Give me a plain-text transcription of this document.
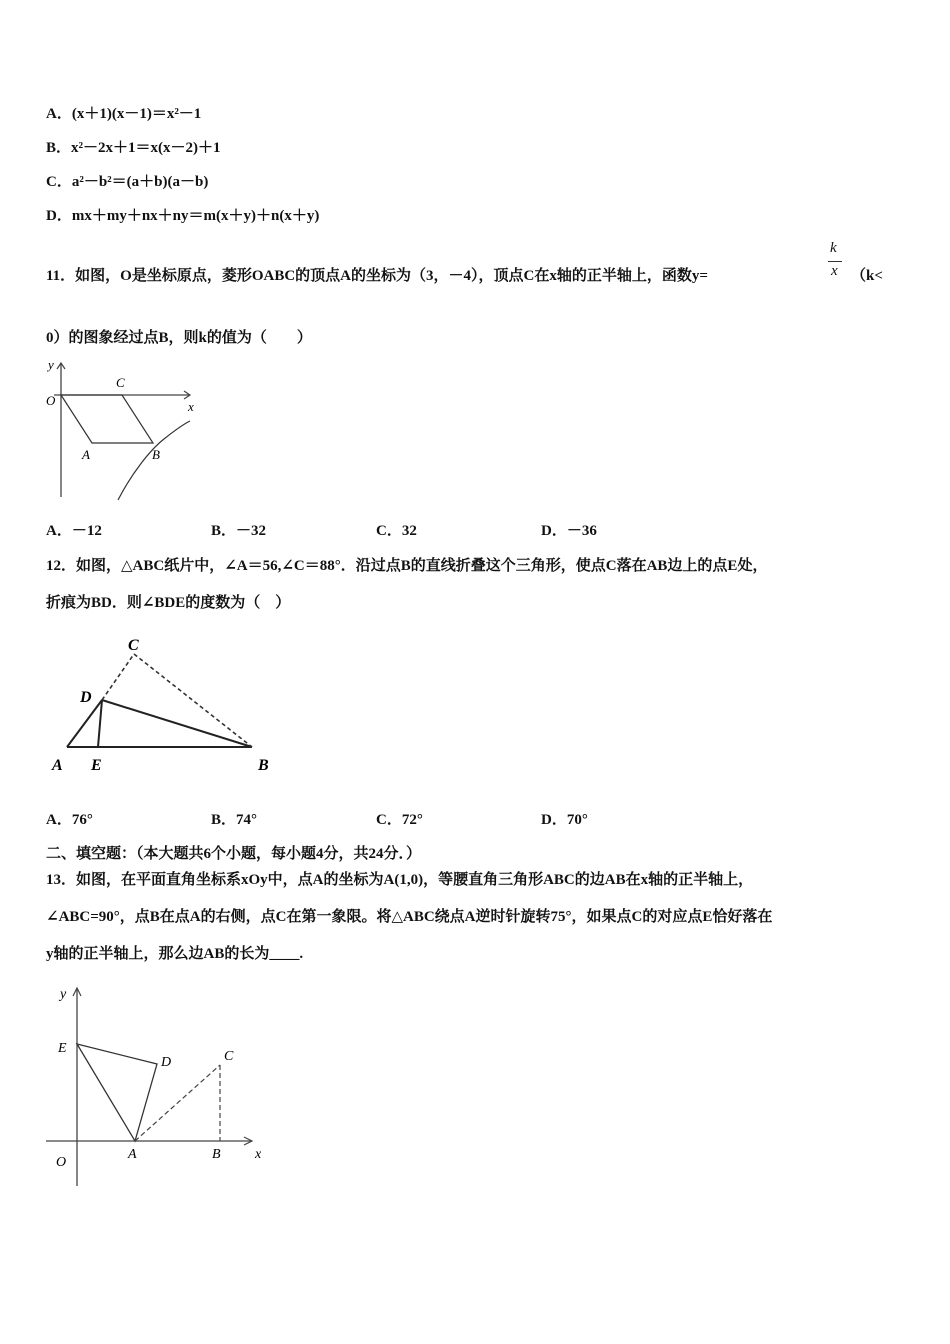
A．(x＋1)(x－1)＝x²－1
B．x²－2x＋1＝x(x－2)＋1
C．a²－b²＝(a＋b)(a－b)
D．mx＋my＋nx＋ny＝m(x＋y)＋n(x＋y)
11．如图，O是坐标原点，菱形OABC的顶点A的坐标为（3，－4），顶点C在x轴的正半轴上，函数y=
k
x （k<
0）的图象经过点B，则k的值为（　　）
y
C
O	x
A	B
A．－12	B．－32	C．32	D．－36
12．如图，△ABC纸片中，∠A＝56,∠C＝88°．沿过点B的直线折叠这个三角形，使点C落在AB边上的点E处，
折痕为BD．则∠BDE的度数为（　）
C
D
A E	B
A．76°	B．74°	C．72°	D．70°
二、填空题：（本大题共6个小题，每小题4分，共24分．）
13．如图，在平面直角坐标系xOy中，点A的坐标为A(1,0)，等腰直角三角形ABC的边AB在x轴的正半轴上，
∠ABC=90°，点B在点A的右侧，点C在第一象限。将△ABC绕点A逆时针旋转75°，如果点C的对应点E恰好落在
y轴的正半轴上，那么边AB的长为____.
y
E
D	C
O
A	B x
